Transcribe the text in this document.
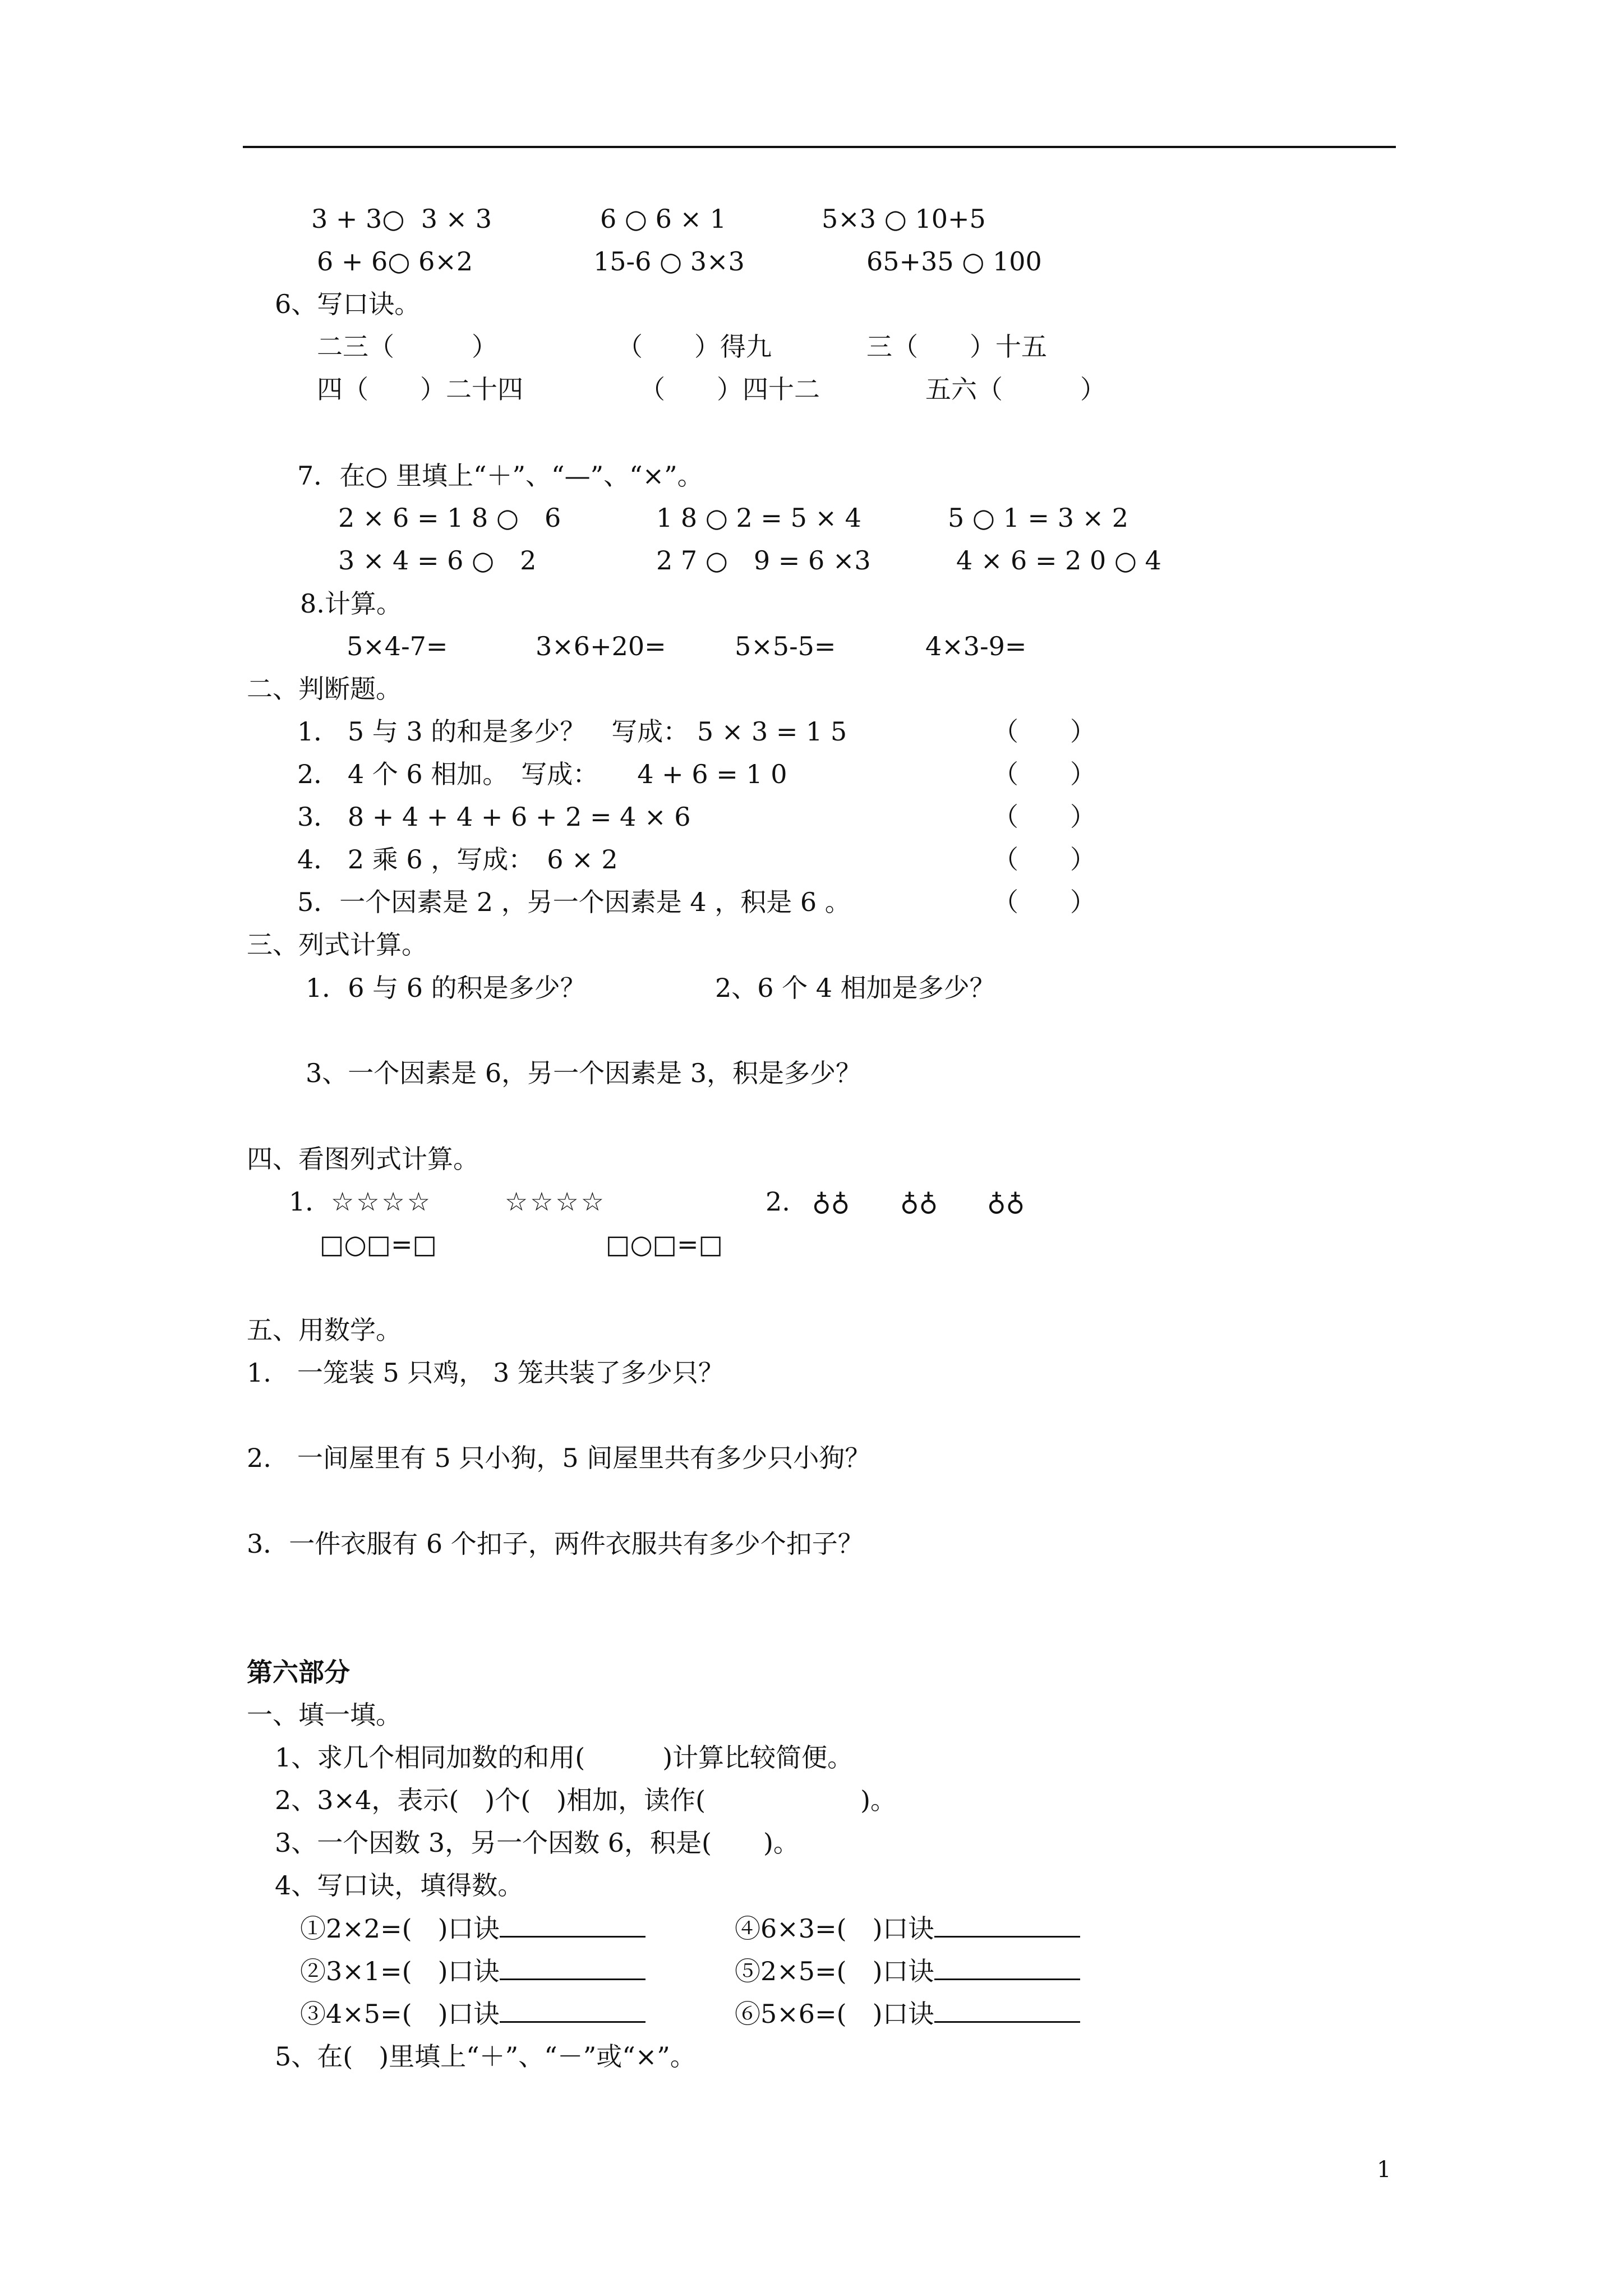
3 + 3○  3 × 3	6 ○ 6 × 1	5×3 ○ 10+5
6 + 6○ 6×2	15-6 ○ 3×3	65+35 ○ 100
6、写口诀。
二三（　　　）	（　　）得九	三（　　）十五
四（　　）二十四	（　　）四十二	五六（　　　）
7．在○ 里填上“＋”、“—”、“×”。
2 × 6 = 1 8 ○　6	1 8 ○ 2 = 5 × 4	5 ○ 1 = 3 × 2
3 × 4 = 6 ○　2	2 7 ○　9 = 6 ×3	4 × 6 = 2 0 ○ 4
8.计算。
5×4-7=	3×6+20=	5×5-5=	4×3-9=
二、判断题。
1． 5 与 3 的和是多少？　写成： 5 × 3 = 1 5	（　　）
2． 4 个 6 相加。　写成：　　4 + 6 = 1 0	（　　）
3． 8 + 4 + 4 + 6 + 2 = 4 × 6	（　　）
4． 2 乘 6 ，写成：　6 × 2	（　　）
5．一个因素是 2 ，另一个因素是 4 ，积是 6 。	（　　）
三、列式计算。
1．6 与 6 的积是多少？	2、6 个 4 相加是多少？
3、一个因素是 6，另一个因素是 3，积是多少？
四、看图列式计算。
1． ☆☆☆☆	☆☆☆☆	2. ♁♁ ♁♁ ♁♁
□○□=□	□○□=□
五、用数学。
1.　一笼装 5 只鸡， 3 笼共装了多少只？
2.　一间屋里有 5 只小狗，5 间屋里共有多少只小狗？
3．一件衣服有 6 个扣子，两件衣服共有多少个扣子？
第六部分
一、填一填。
1、求几个相同加数的和用(　　　)计算比较简便。
2、3×4，表示(　)个(　)相加，读作(　　　　　　)。
3、一个因数 3，另一个因数 6，积是(　　)。
4、写口诀，填得数。
①2×2=(　)口诀	④6×3=(　)口诀
②3×1=(　)口诀	⑤2×5=(　)口诀
③4×5=(　)口诀	⑥5×6=(　)口诀
5、在(　)里填上“＋”、“－”或“×”。
1
